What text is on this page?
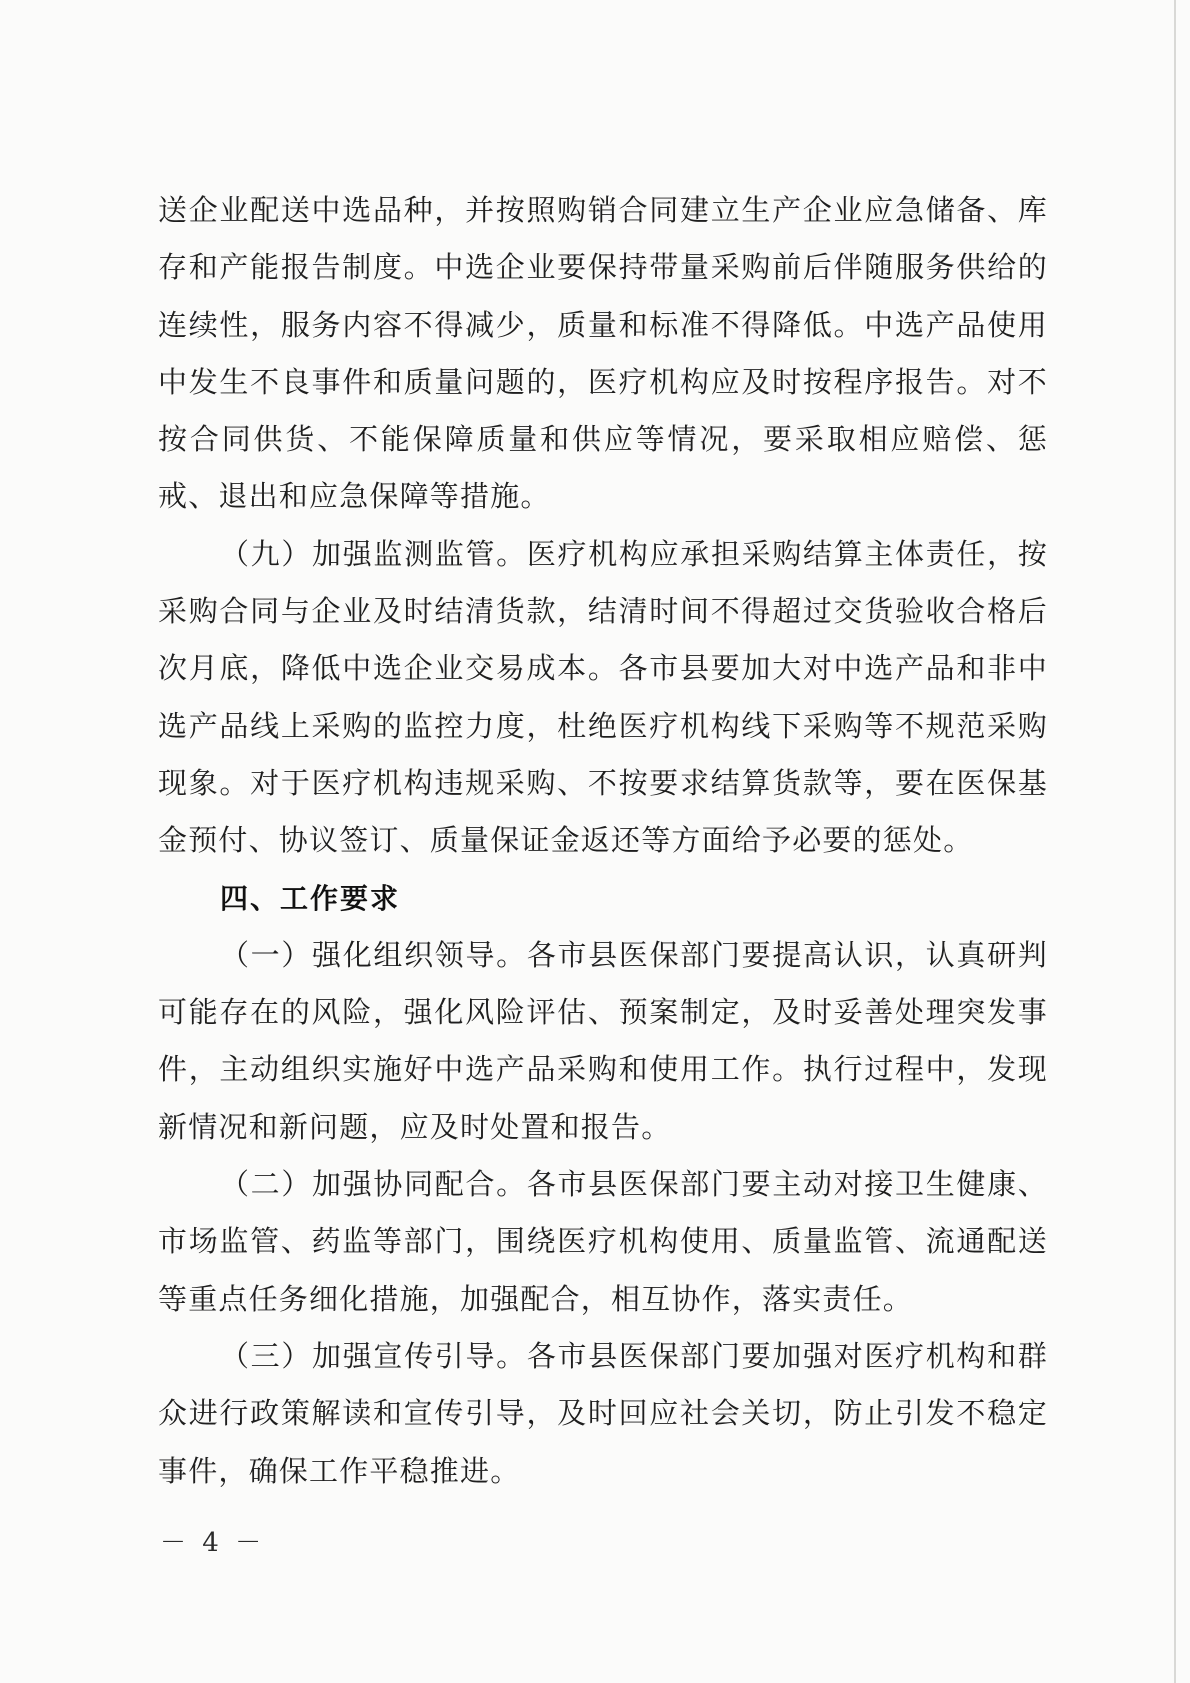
送企业配送中选品种，并按照购销合同建立生产企业应急储备、库存和产能报告制度。中选企业要保持带量采购前后伴随服务供给的连续性，服务内容不得减少，质量和标准不得降低。中选产品使用中发生不良事件和质量问题的，医疗机构应及时按程序报告。对不按合同供货、不能保障质量和供应等情况，要采取相应赔偿、惩戒、退出和应急保障等措施。

（九）加强监测监管。医疗机构应承担采购结算主体责任，按采购合同与企业及时结清货款，结清时间不得超过交货验收合格后次月底，降低中选企业交易成本。各市县要加大对中选产品和非中选产品线上采购的监控力度，杜绝医疗机构线下采购等不规范采购现象。对于医疗机构违规采购、不按要求结算货款等，要在医保基金预付、协议签订、质量保证金返还等方面给予必要的惩处。

四、工作要求

（一）强化组织领导。各市县医保部门要提高认识，认真研判可能存在的风险，强化风险评估、预案制定，及时妥善处理突发事件，主动组织实施好中选产品采购和使用工作。执行过程中，发现新情况和新问题，应及时处置和报告。

（二）加强协同配合。各市县医保部门要主动对接卫生健康、市场监管、药监等部门，围绕医疗机构使用、质量监管、流通配送等重点任务细化措施，加强配合，相互协作，落实责任。

（三）加强宣传引导。各市县医保部门要加强对医疗机构和群众进行政策解读和宣传引导，及时回应社会关切，防止引发不稳定事件，确保工作平稳推进。

－ 4 －
